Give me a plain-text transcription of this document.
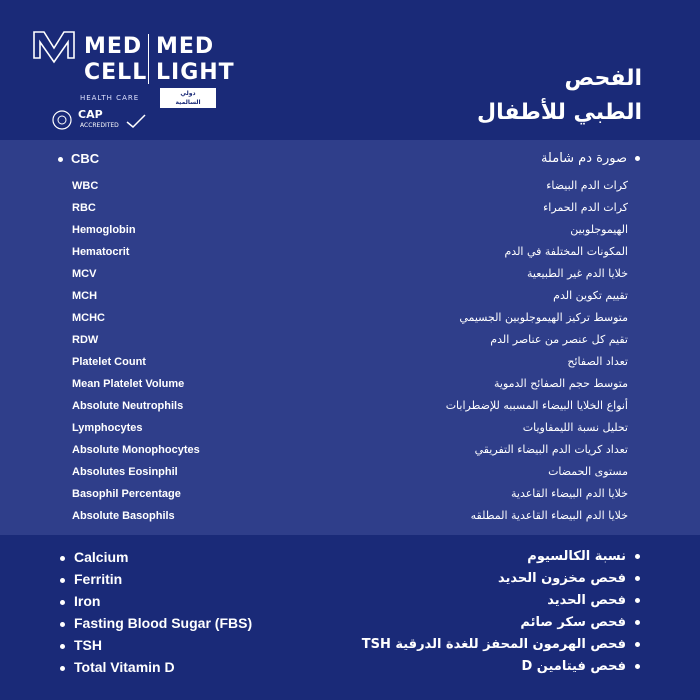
MED
CELL
MED
LIGHT
HEALTH CARE
دولي
السالمية
CAP
ACCREDITED
الفحص
الطبي للأطفال
CBC	صورة دم شاملة
WBC	كرات الدم البيضاء
RBC	كرات الدم الحمراء
Hemoglobin	الهيموجلوبين
Hematocrit	المكونات المختلفة في الدم
MCV	خلايا الدم غير الطبيعية
MCH	تقييم تكوين الدم
MCHC	متوسط تركيز الهيموجلوبين الجسيمي
RDW	تقيم كل عنصر من عناصر الدم
Platelet Count	تعداد الصفائح
Mean Platelet Volume	متوسط حجم الصفائح الدموية
Absolute Neutrophils	أنواع الخلايا البيضاء المسببه للإضطرابات
Lymphocytes	تحليل نسبة الليمفاويات
Absolute Monophocytes	تعداد كريات الدم البيضاء التفريقي
Absolutes Eosinphil	مستوى الحمضات
Basophil Percentage	خلايا الدم البيضاء القاعدية
Absolute Basophils	خلايا الدم البيضاء القاعدية المطلقه
Calcium	نسبة الكالسيوم
Ferritin	فحص مخزون الحديد
Iron	فحص الحديد
Fasting Blood Sugar (FBS)	فحص سكر صائم
TSH	فحص الهرمون المحفز للغدة الدرقية TSH
Total Vitamin D	فحص فيتامين D
